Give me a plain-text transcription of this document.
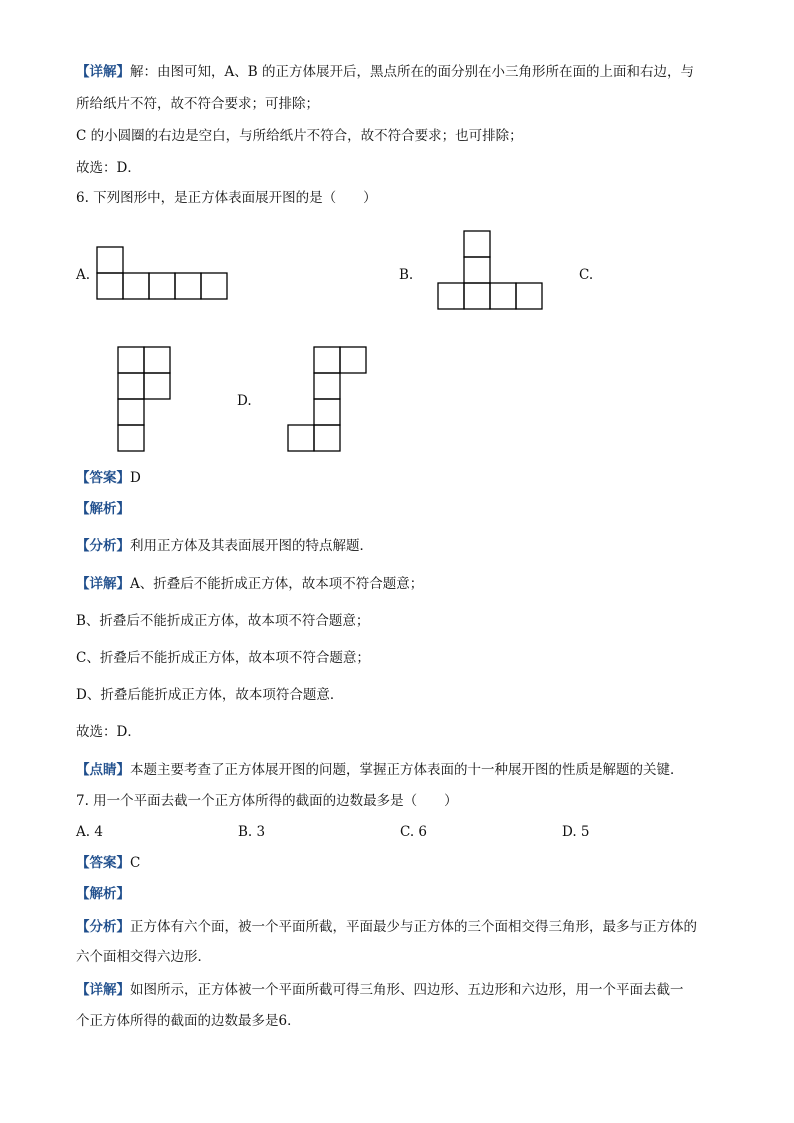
【详解】解：由图可知，A、B 的正方体展开后，黑点所在的面分别在小三角形所在面的上面和右边，与
所给纸片不符，故不符合要求；可排除；
C 的小圆圈的右边是空白，与所给纸片不符合，故不符合要求；也可排除；
故选：D．
6. 下列图形中，是正方体表面展开图的是（　　）
A.	B.	C.
D.
【答案】D
【解析】
【分析】利用正方体及其表面展开图的特点解题．
【详解】A、折叠后不能折成正方体，故本项不符合题意；
B、折叠后不能折成正方体，故本项不符合题意；
C、折叠后不能折成正方体，故本项不符合题意；
D、折叠后能折成正方体，故本项符合题意．
故选：D．
【点睛】本题主要考查了正方体展开图的问题，掌握正方体表面的十一种展开图的性质是解题的关键．
7. 用一个平面去截一个正方体所得的截面的边数最多是（　　）
A. 4	B. 3	C. 6	D. 5
【答案】C
【解析】
【分析】正方体有六个面，被一个平面所截，平面最少与正方体的三个面相交得三角形，最多与正方体的
六个面相交得六边形．
【详解】如图所示，正方体被一个平面所截可得三角形、四边形、五边形和六边形，用一个平面去截一
个正方体所得的截面的边数最多是6．
